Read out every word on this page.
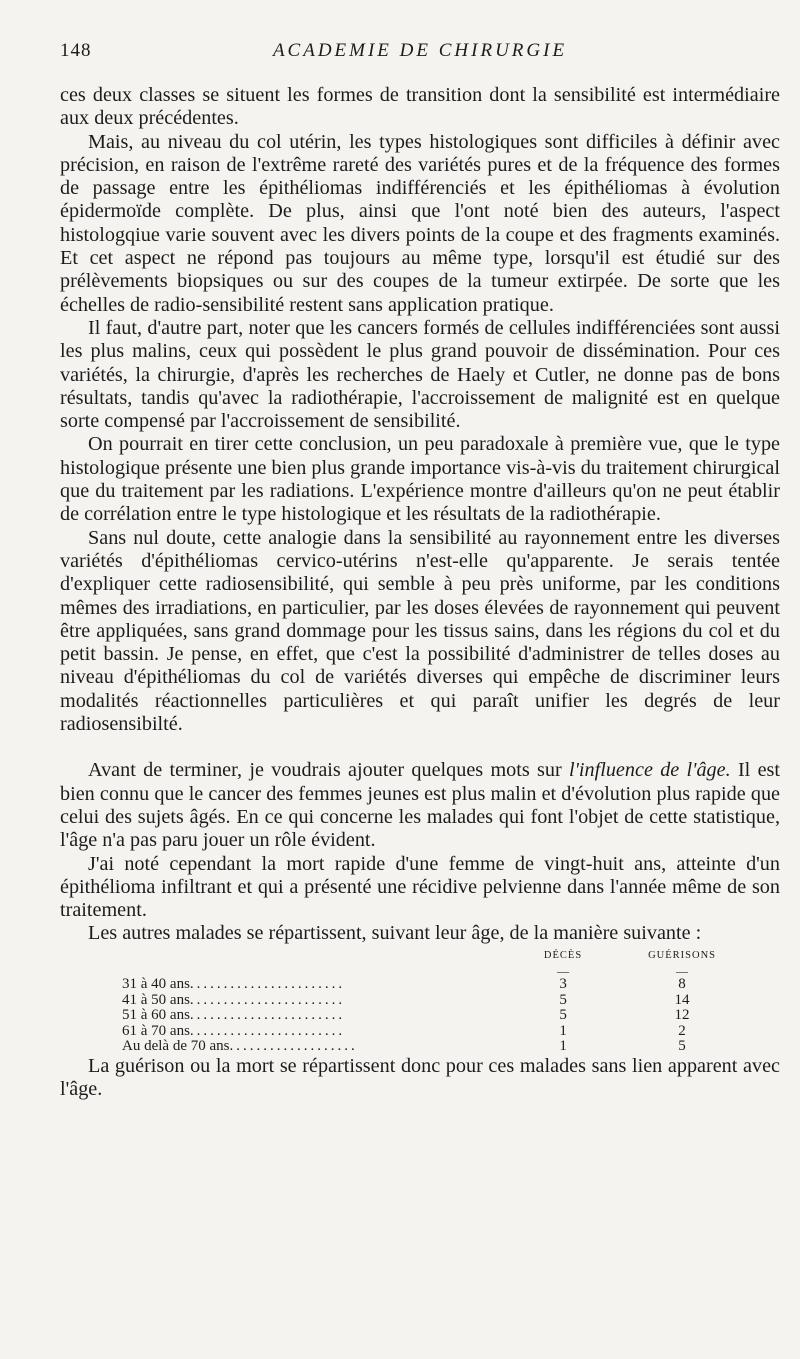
148	ACADEMIE DE CHIRURGIE

ces deux classes se situent les formes de transition dont la sensibilité est intermédiaire aux deux précédentes.

Mais, au niveau du col utérin, les types histologiques sont difficiles à définir avec précision, en raison de l'extrême rareté des variétés pures et de la fréquence des formes de passage entre les épithéliomas indifférenciés et les épithéliomas à évolution épidermoïde complète. De plus, ainsi que l'ont noté bien des auteurs, l'aspect histologqiue varie souvent avec les divers points de la coupe et des fragments examinés. Et cet aspect ne répond pas toujours au même type, lorsqu'il est étudié sur des prélèvements biopsiques ou sur des coupes de la tumeur extirpée. De sorte que les échelles de radio-sensibilité restent sans application pratique.

Il faut, d'autre part, noter que les cancers formés de cellules indifférenciées sont aussi les plus malins, ceux qui possèdent le plus grand pouvoir de dissémination. Pour ces variétés, la chirurgie, d'après les recherches de Haely et Cutler, ne donne pas de bons résultats, tandis qu'avec la radiothérapie, l'accroissement de malignité est en quelque sorte compensé par l'accroissement de sensibilité.

On pourrait en tirer cette conclusion, un peu paradoxale à première vue, que le type histologique présente une bien plus grande importance vis-à-vis du traitement chirurgical que du traitement par les radiations. L'expérience montre d'ailleurs qu'on ne peut établir de corrélation entre le type histologique et les résultats de la radiothérapie.

Sans nul doute, cette analogie dans la sensibilité au rayonnement entre les diverses variétés d'épithéliomas cervico-utérins n'est-elle qu'apparente. Je serais tentée d'expliquer cette radiosensibilité, qui semble à peu près uniforme, par les conditions mêmes des irradiations, en particulier, par les doses élevées de rayonnement qui peuvent être appliquées, sans grand dommage pour les tissus sains, dans les régions du col et du petit bassin. Je pense, en effet, que c'est la possibilité d'administrer de telles doses au niveau d'épithéliomas du col de variétés diverses qui empêche de discriminer leurs modalités réactionnelles particulières et qui paraît unifier les degrés de leur radiosensibilté.

Avant de terminer, je voudrais ajouter quelques mots sur l'influence de l'âge. Il est bien connu que le cancer des femmes jeunes est plus malin et d'évolution plus rapide que celui des sujets âgés. En ce qui concerne les malades qui font l'objet de cette statistique, l'âge n'a pas paru jouer un rôle évident.

J'ai noté cependant la mort rapide d'une femme de vingt-huit ans, atteinte d'un épithélioma infiltrant et qui a présenté une récidive pelvienne dans l'année même de son traitement.

Les autres malades se répartissent, suivant leur âge, de la manière suivante :

	DÉCÈS		GUÉRISONS
	—		—
31 à 40 ans.......................	3		8
41 à 50 ans.......................	5		14
51 à 60 ans.......................	5		12
61 à 70 ans.......................	1		2
Au delà de 70 ans...................	1		5

La guérison ou la mort se répartissent donc pour ces malades sans lien apparent avec l'âge.
